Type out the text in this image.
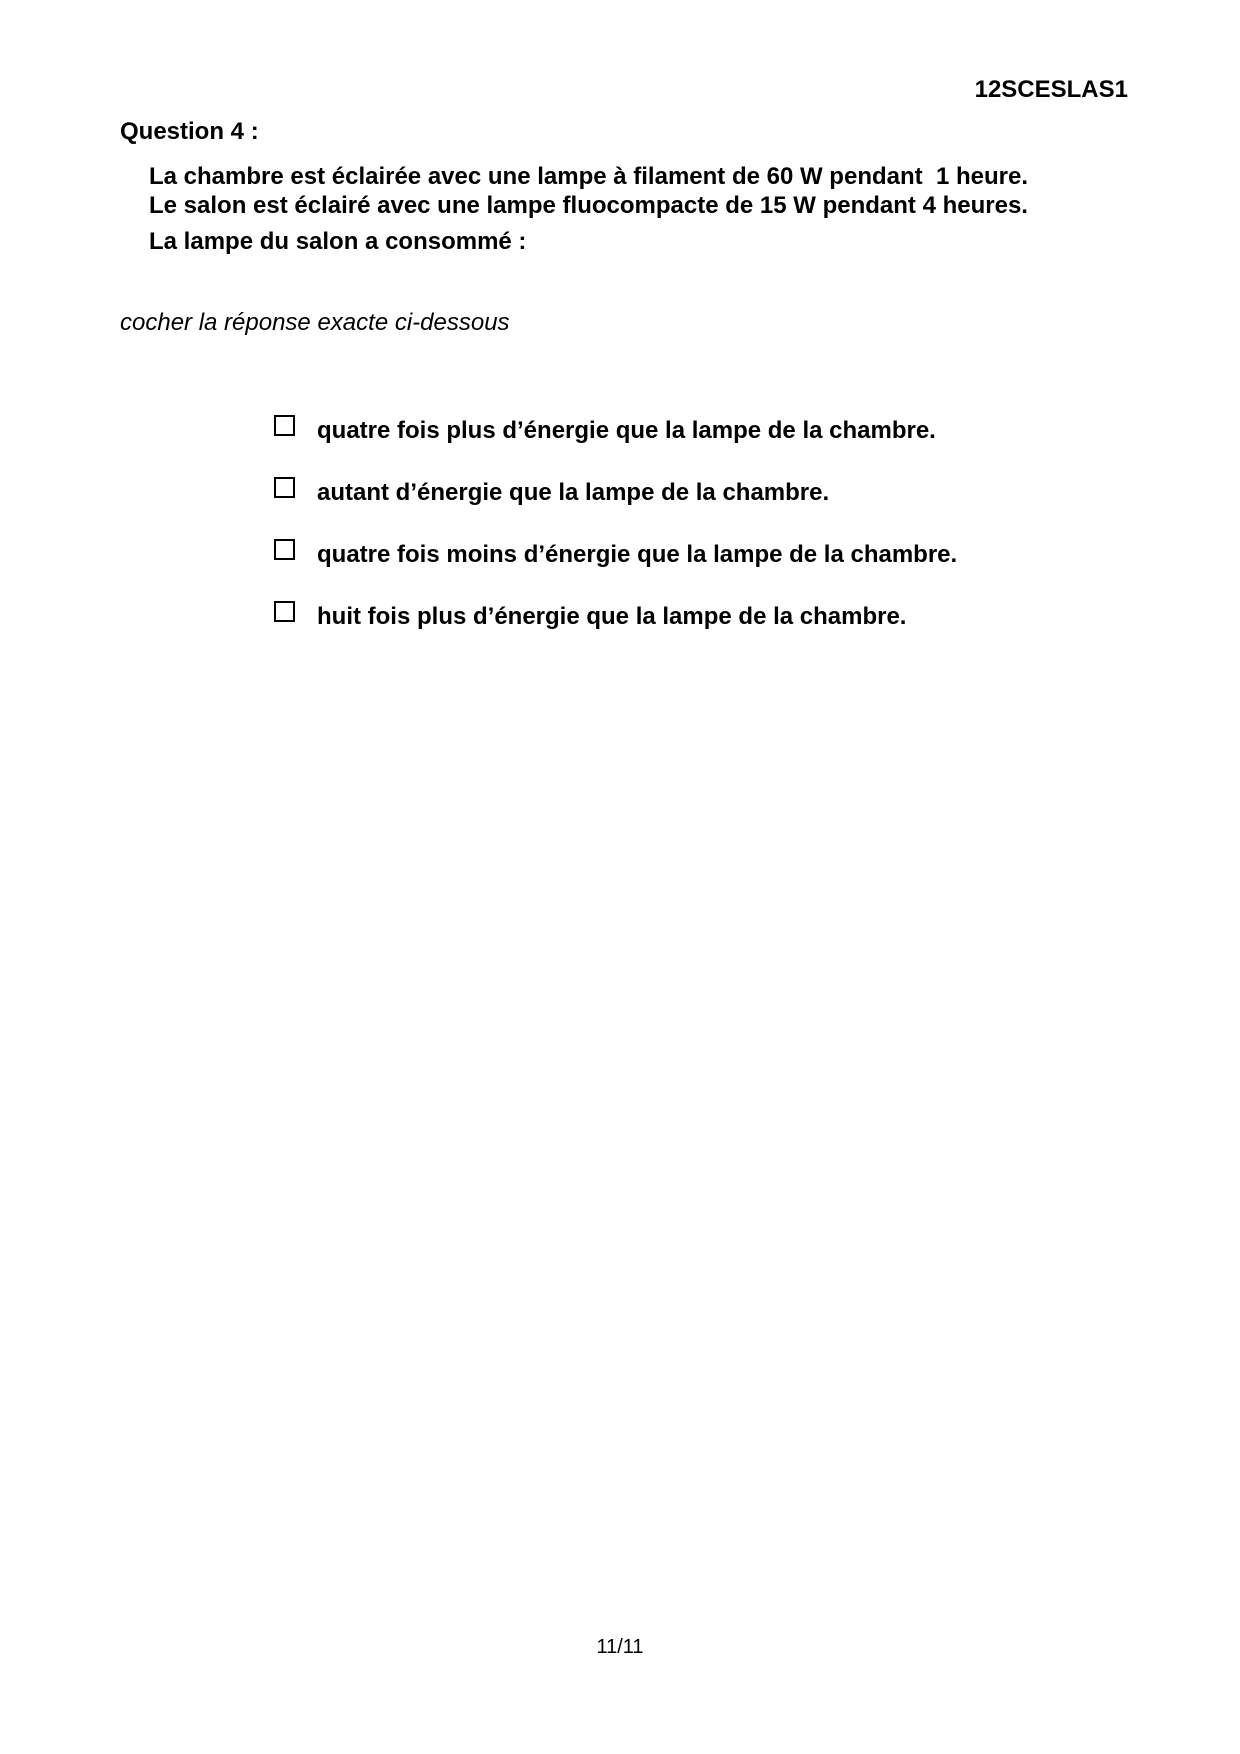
12SCESLAS1
Question 4 :
La chambre est éclairée avec une lampe à filament de 60 W pendant  1 heure.
Le salon est éclairé avec une lampe fluocompacte de 15 W pendant 4 heures.
La lampe du salon a consommé :
cocher la réponse exacte ci-dessous
quatre fois plus d’énergie que la lampe de la chambre.
autant d’énergie que la lampe de la chambre.
quatre fois moins d’énergie que la lampe de la chambre.
huit fois plus d’énergie que la lampe de la chambre.
11/11
